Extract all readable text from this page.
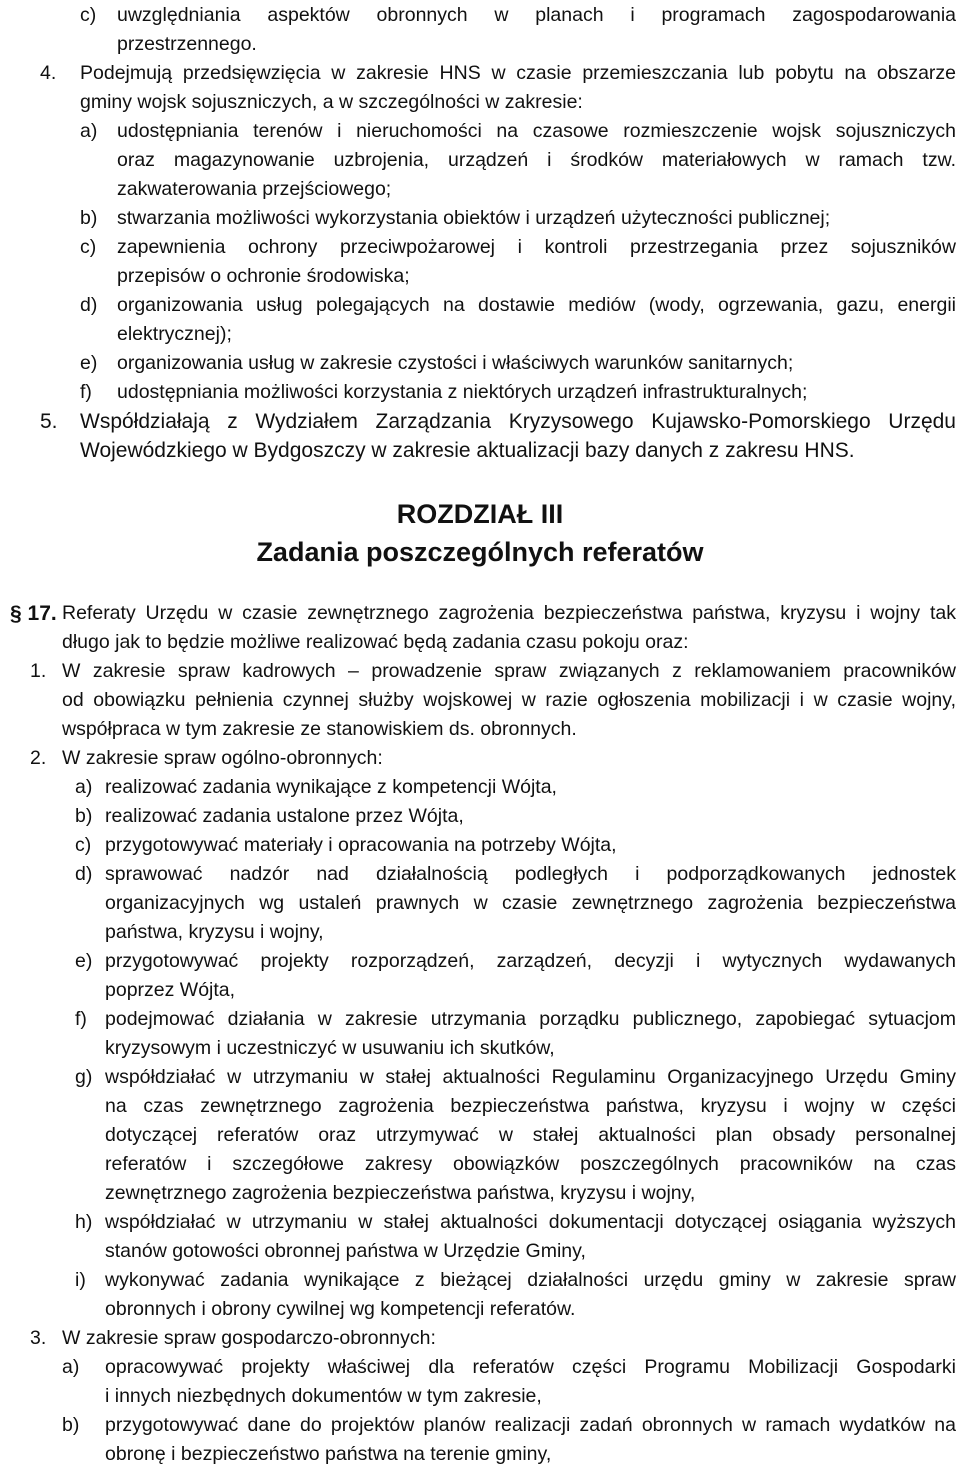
c) uwzględniania aspektów obronnych w planach i programach zagospodarowania
przestrzennego.
4. Podejmują przedsięwzięcia w zakresie HNS w czasie przemieszczania lub pobytu na obszarze
gminy wojsk sojuszniczych, a w szczególności w zakresie:
a) udostępniania terenów i nieruchomości na czasowe rozmieszczenie wojsk sojuszniczych
oraz magazynowanie uzbrojenia, urządzeń i środków materiałowych w ramach tzw.
zakwaterowania przejściowego;
b) stwarzania możliwości wykorzystania obiektów i urządzeń użyteczności publicznej;
c) zapewnienia ochrony przeciwpożarowej i kontroli przestrzegania przez sojuszników
przepisów o ochronie środowiska;
d) organizowania usług polegających na dostawie mediów (wody, ogrzewania, gazu, energii
elektrycznej);
e) organizowania usług w zakresie czystości i właściwych warunków sanitarnych;
f) udostępniania możliwości korzystania z niektórych urządzeń infrastrukturalnych;
5. Współdziałają z Wydziałem Zarządzania Kryzysowego Kujawsko-Pomorskiego Urzędu
Wojewódzkiego w Bydgoszczy w zakresie aktualizacji bazy danych z zakresu HNS.
ROZDZIAŁ III
Zadania poszczególnych referatów
§ 17. Referaty Urzędu w czasie zewnętrznego zagrożenia bezpieczeństwa państwa, kryzysu i wojny tak
długo jak to będzie możliwe realizować będą zadania czasu pokoju oraz:
1. W zakresie spraw kadrowych – prowadzenie spraw związanych z reklamowaniem pracowników
od obowiązku pełnienia czynnej służby wojskowej w razie ogłoszenia mobilizacji i w czasie wojny,
współpraca w tym zakresie ze stanowiskiem ds. obronnych.
2. W zakresie spraw ogólno-obronnych:
a) realizować zadania wynikające z kompetencji Wójta,
b) realizować zadania ustalone przez Wójta,
c) przygotowywać materiały i opracowania na potrzeby Wójta,
d) sprawować nadzór nad działalnością podległych i podporządkowanych jednostek
organizacyjnych wg ustaleń prawnych w czasie zewnętrznego zagrożenia bezpieczeństwa
państwa, kryzysu i wojny,
e) przygotowywać projekty rozporządzeń, zarządzeń, decyzji i wytycznych wydawanych
poprzez Wójta,
f) podejmować działania w zakresie utrzymania porządku publicznego, zapobiegać sytuacjom
kryzysowym i uczestniczyć w usuwaniu ich skutków,
g) współdziałać w utrzymaniu w stałej aktualności Regulaminu Organizacyjnego Urzędu Gminy
na czas zewnętrznego zagrożenia bezpieczeństwa państwa, kryzysu i wojny w części
dotyczącej referatów oraz utrzymywać w stałej aktualności plan obsady personalnej
referatów i szczegółowe zakresy obowiązków poszczególnych pracowników na czas
zewnętrznego zagrożenia bezpieczeństwa państwa, kryzysu i wojny,
h) współdziałać w utrzymaniu w stałej aktualności dokumentacji dotyczącej osiągania wyższych
stanów gotowości obronnej państwa w Urzędzie Gminy,
i) wykonywać zadania wynikające z bieżącej działalności urzędu gminy w zakresie spraw
obronnych i obrony cywilnej wg kompetencji referatów.
3. W zakresie spraw gospodarczo-obronnych:
a) opracowywać projekty właściwej dla referatów części Programu Mobilizacji Gospodarki
i innych niezbędnych dokumentów w tym zakresie,
b) przygotowywać dane do projektów planów realizacji zadań obronnych w ramach wydatków na
obronę i bezpieczeństwo państwa na terenie gminy,
